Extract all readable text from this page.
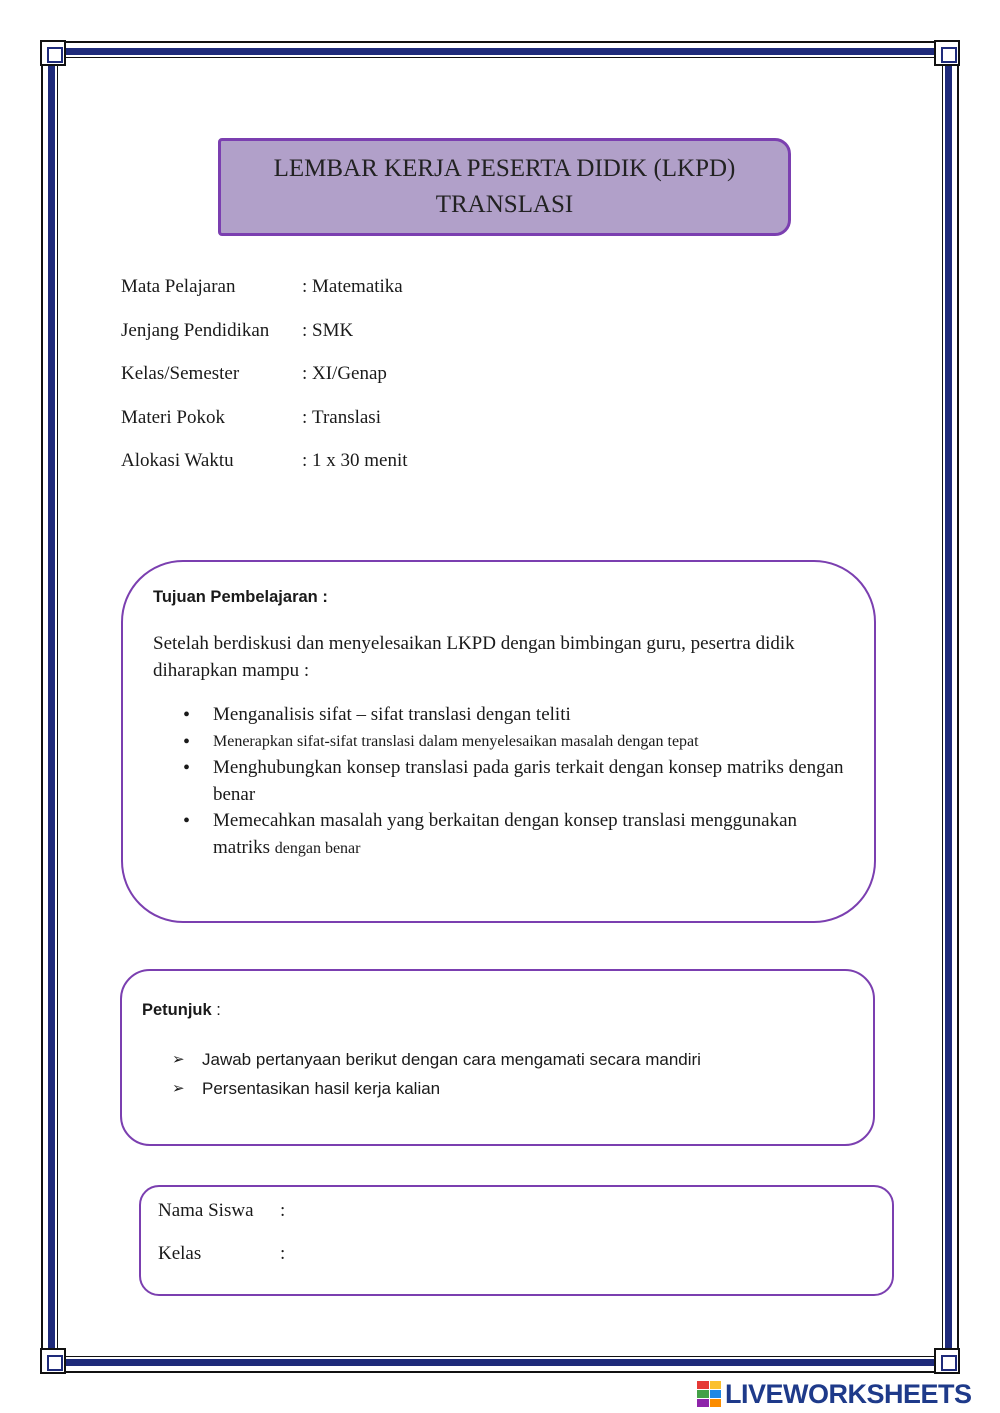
LEMBAR KERJA PESERTA DIDIK (LKPD)
TRANSLASI
Mata Pelajaran	: Matematika
Jenjang Pendidikan	: SMK
Kelas/Semester	: XI/Genap
Materi Pokok	: Translasi
Alokasi Waktu	: 1 x 30 menit
Tujuan Pembelajaran :
Setelah berdiskusi dan menyelesaikan LKPD dengan bimbingan guru, pesertra didik diharapkan mampu :
• Menganalisis sifat – sifat translasi dengan teliti
• Menerapkan sifat-sifat translasi dalam menyelesaikan masalah dengan tepat
• Menghubungkan konsep translasi pada garis terkait dengan konsep matriks dengan benar
• Memecahkan masalah yang berkaitan dengan konsep translasi menggunakan matriks dengan benar
Petunjuk :
➢ Jawab pertanyaan berikut dengan cara mengamati secara mandiri
➢ Persentasikan hasil kerja kalian
Nama Siswa	:
Kelas	:
LIVEWORKSHEETS
